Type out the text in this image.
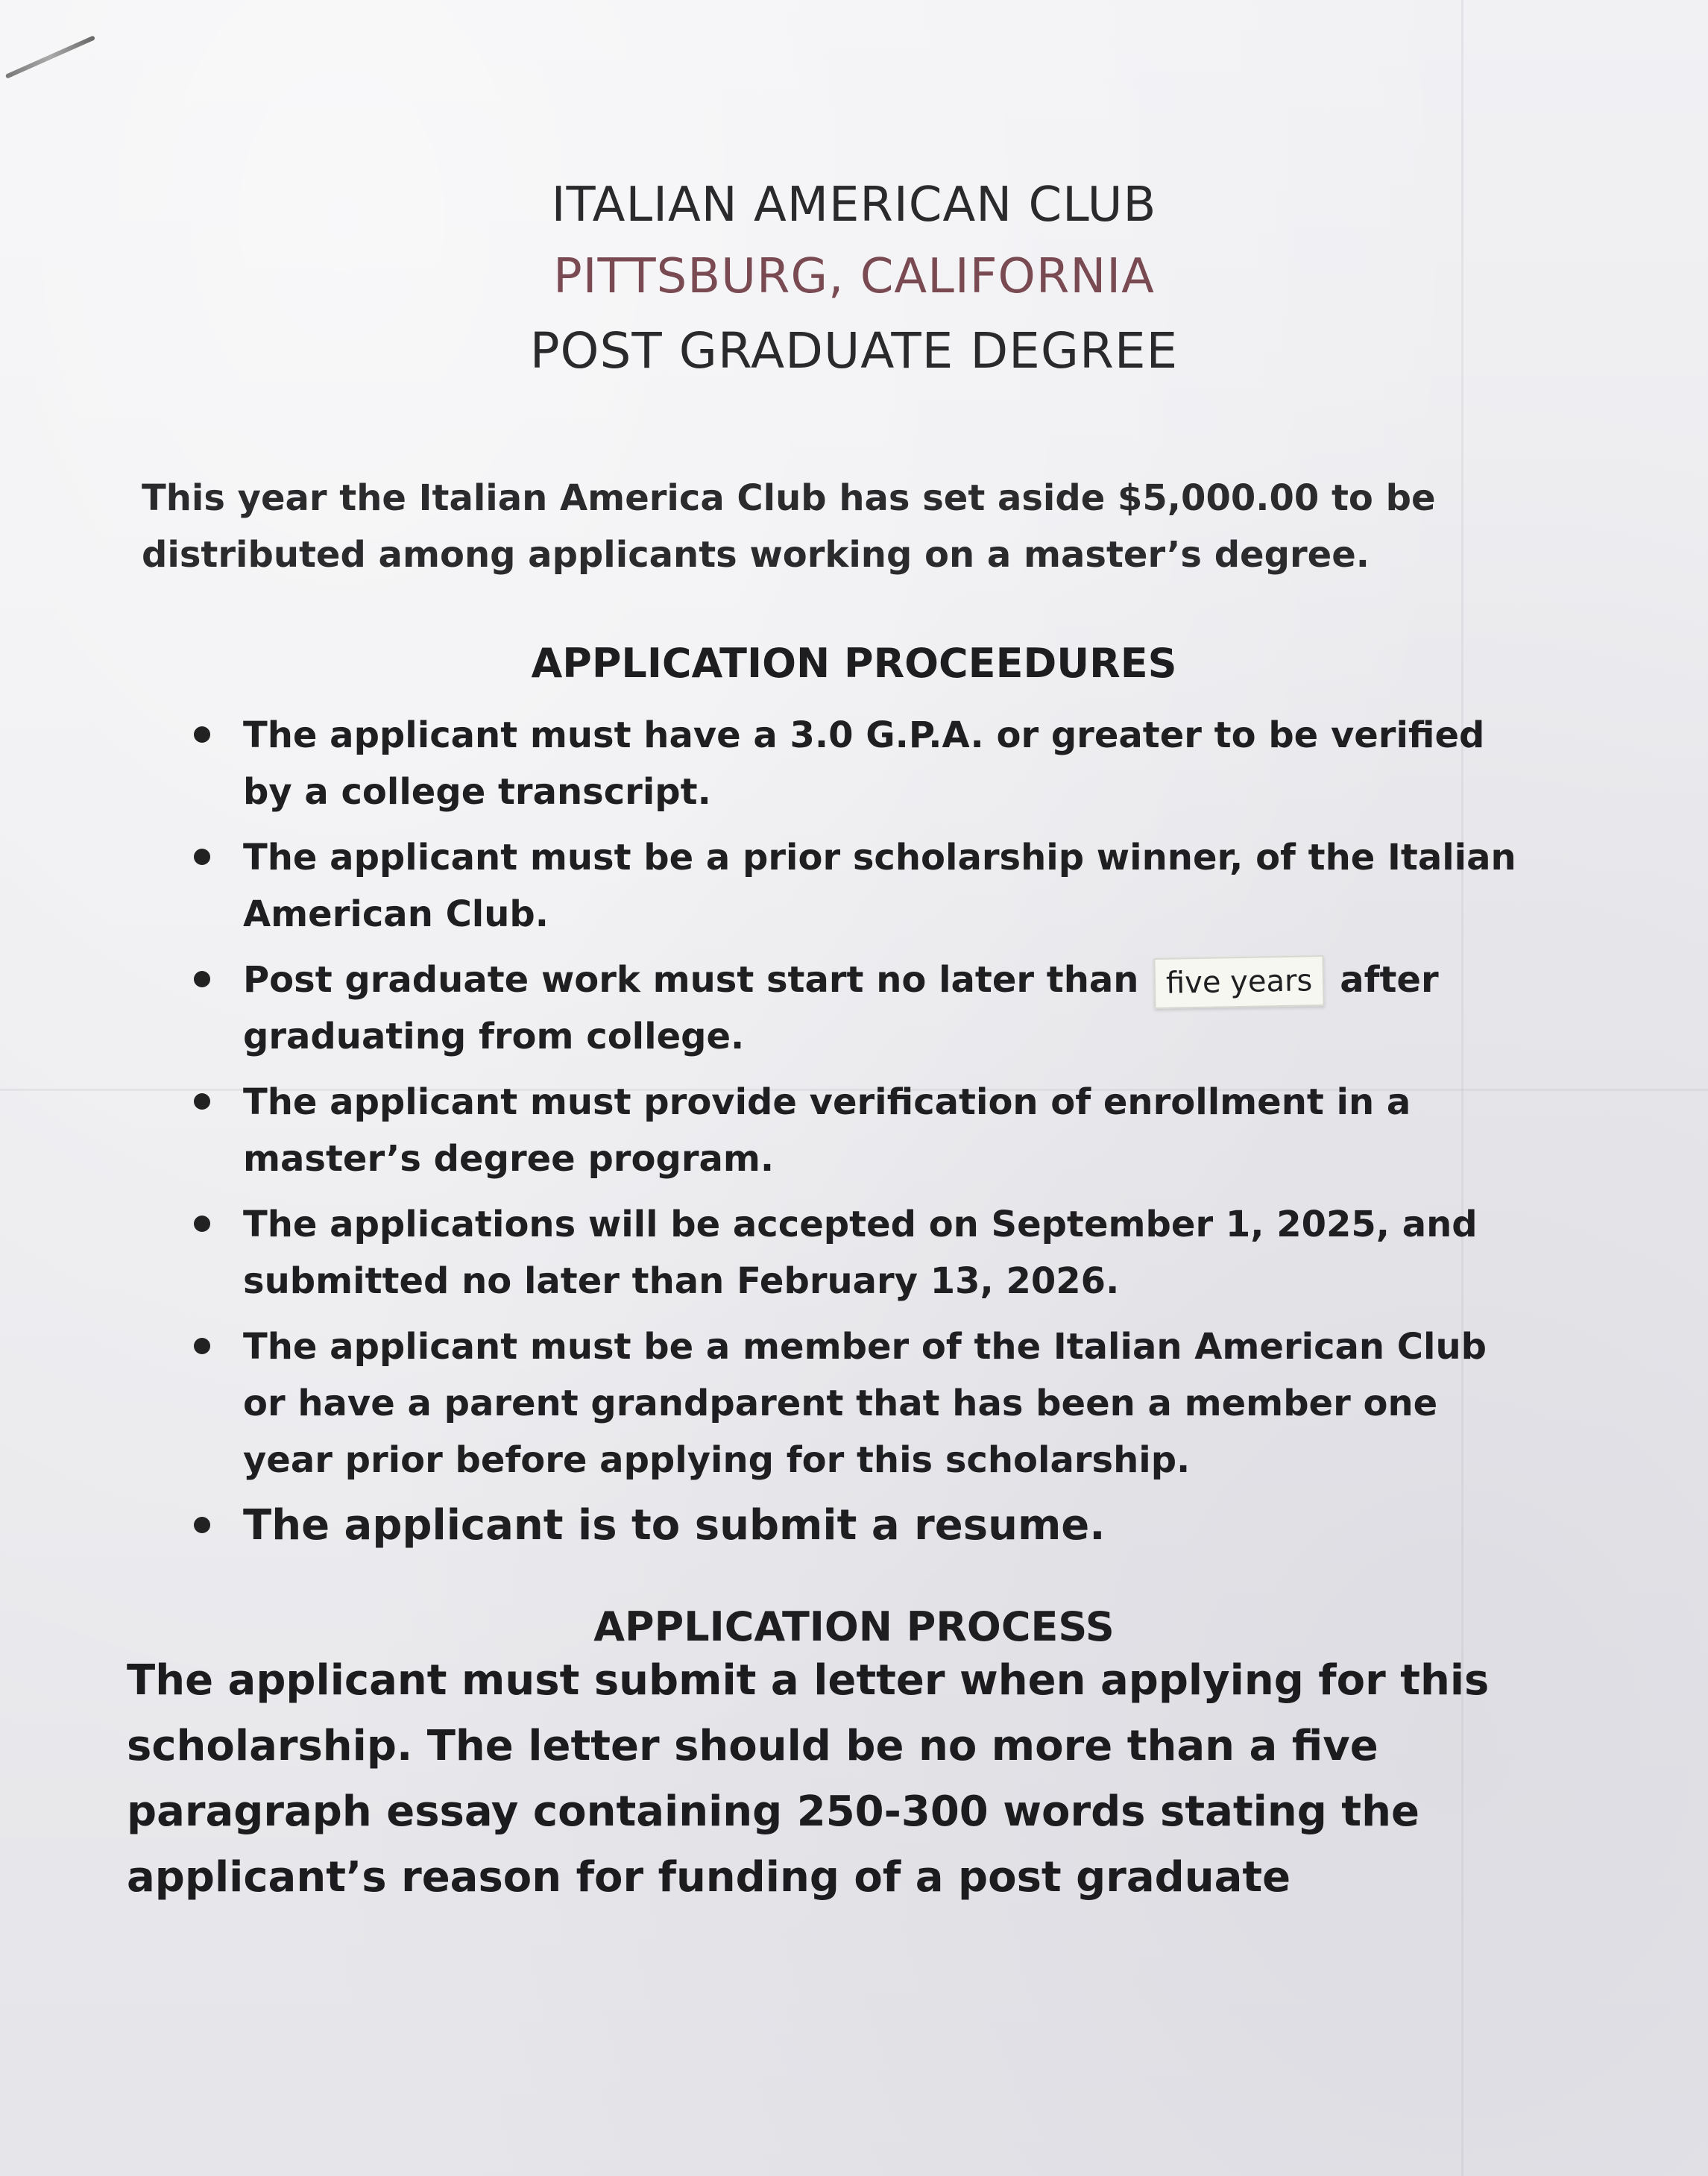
ITALIAN AMERICAN CLUB
PITTSBURG, CALIFORNIA
POST GRADUATE DEGREE
This year the Italian America Club has set aside $5,000.00 to be distributed among applicants working on a master’s degree.
APPLICATION PROCEEDURES
The applicant must have a 3.0 G.P.A. or greater to be verified by a college transcript.
The applicant must be a prior scholarship winner, of the Italian American Club.
Post graduate work must start no later than five years after graduating from college.
The applicant must provide verification of enrollment in a master’s degree program.
The applications will be accepted on September 1, 2025, and submitted no later than February 13, 2026.
The applicant must be a member of the Italian American Club or have a parent grandparent that has been a member one year prior before applying for this scholarship.
The applicant is to submit a resume.
APPLICATION PROCESS
The applicant must submit a letter when applying for this scholarship. The letter should be no more than a five paragraph essay containing 250-300 words stating the applicant’s reason for funding of a post graduate
